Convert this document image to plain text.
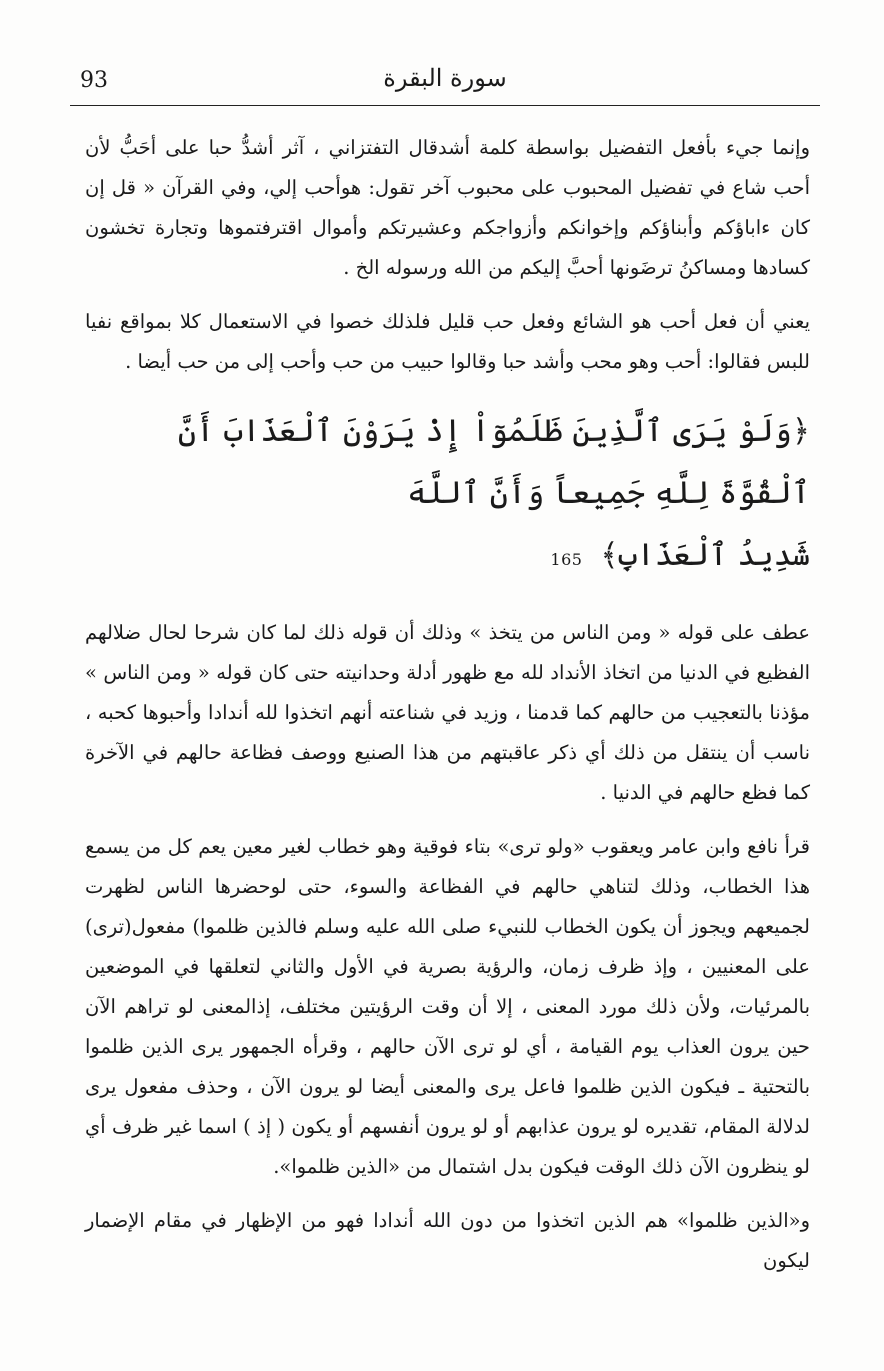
93	سورة البقرة

وإنما جيء بأفعل التفضيل بواسطة كلمة أشدقال التفتزاني ، آثر أشدُّ حبا على أحَبُّ لأن أحب شاع في تفضيل المحبوب على محبوب آخر تقول: هوأحب إلي، وفي القرآن « قل إن كان ءاباؤكم وأبناؤكم وإخوانكم وأزواجكم وعشيرتكم وأموال اقترفتموها وتجارة تخشون كسادها ومساكنُ ترضَونها أحبَّ إليكم من الله ورسوله الخ .

يعني أن فعل أحب هو الشائع وفعل حب قليل فلذلك خصوا في الاستعمال كلا بمواقع نفيا للبس فقالوا: أحب وهو محب وأشد حبا وقالوا حبيب من حب وأحب إلى من حب أيضا .

﴿وَلَوْ يَرَى ٱلَّذِينَ ظَلَمُوٓاْ إِذْ يَرَوْنَ ٱلْعَذَابَ أَنَّ ٱلْقُوَّةَ لِلَّهِ جَمِيعاً وَأَنَّ ٱللَّهَ
شَدِيدُ ٱلْعَذَابِ﴾ 165

عطف على قوله « ومن الناس من يتخذ » وذلك أن قوله ذلك لما كان شرحا لحال ضلالهم الفظيع في الدنيا من اتخاذ الأنداد لله مع ظهور أدلة وحدانيته حتى كان قوله « ومن الناس » مؤذنا بالتعجيب من حالهم كما قدمنا ، وزيد في شناعته أنهم اتخذوا لله أندادا وأحبوها كحبه ، ناسب أن ينتقل من ذلك أي ذكر عاقبتهم من هذا الصنيع ووصف فظاعة حالهم في الآخرة كما فظع حالهم في الدنيا .

قرأ نافع وابن عامر ويعقوب «ولو ترى» بتاء فوقية وهو خطاب لغير معين يعم كل من يسمع هذا الخطاب، وذلك لتناهي حالهم في الفظاعة والسوء، حتى لوحضرها الناس لظهرت لجميعهم ويجوز أن يكون الخطاب للنبيء صلى الله عليه وسلم فالذين ظلموا) مفعول(ترى) على المعنيين ، وإذ ظرف زمان، والرؤية بصرية في الأول والثاني لتعلقها في الموضعين بالمرئيات، ولأن ذلك مورد المعنى ، إلا أن وقت الرؤيتين مختلف، إذالمعنى لو تراهم الآن حين يرون العذاب يوم القيامة ، أي لو ترى الآن حالهم ، وقرأه الجمهور يرى الذين ظلموا بالتحتية ـ فيكون الذين ظلموا فاعل يرى والمعنى أيضا لو يرون الآن ، وحذف مفعول يرى لدلالة المقام، تقديره لو يرون عذابهم أو لو يرون أنفسهم أو يكون ( إذ ) اسما غير ظرف أي لو ينظرون الآن ذلك الوقت فيكون بدل اشتمال من «الذين ظلموا».

و«الذين ظلموا» هم الذين اتخذوا من دون الله أندادا فهو من الإظهار في مقام الإضمار ليكون
